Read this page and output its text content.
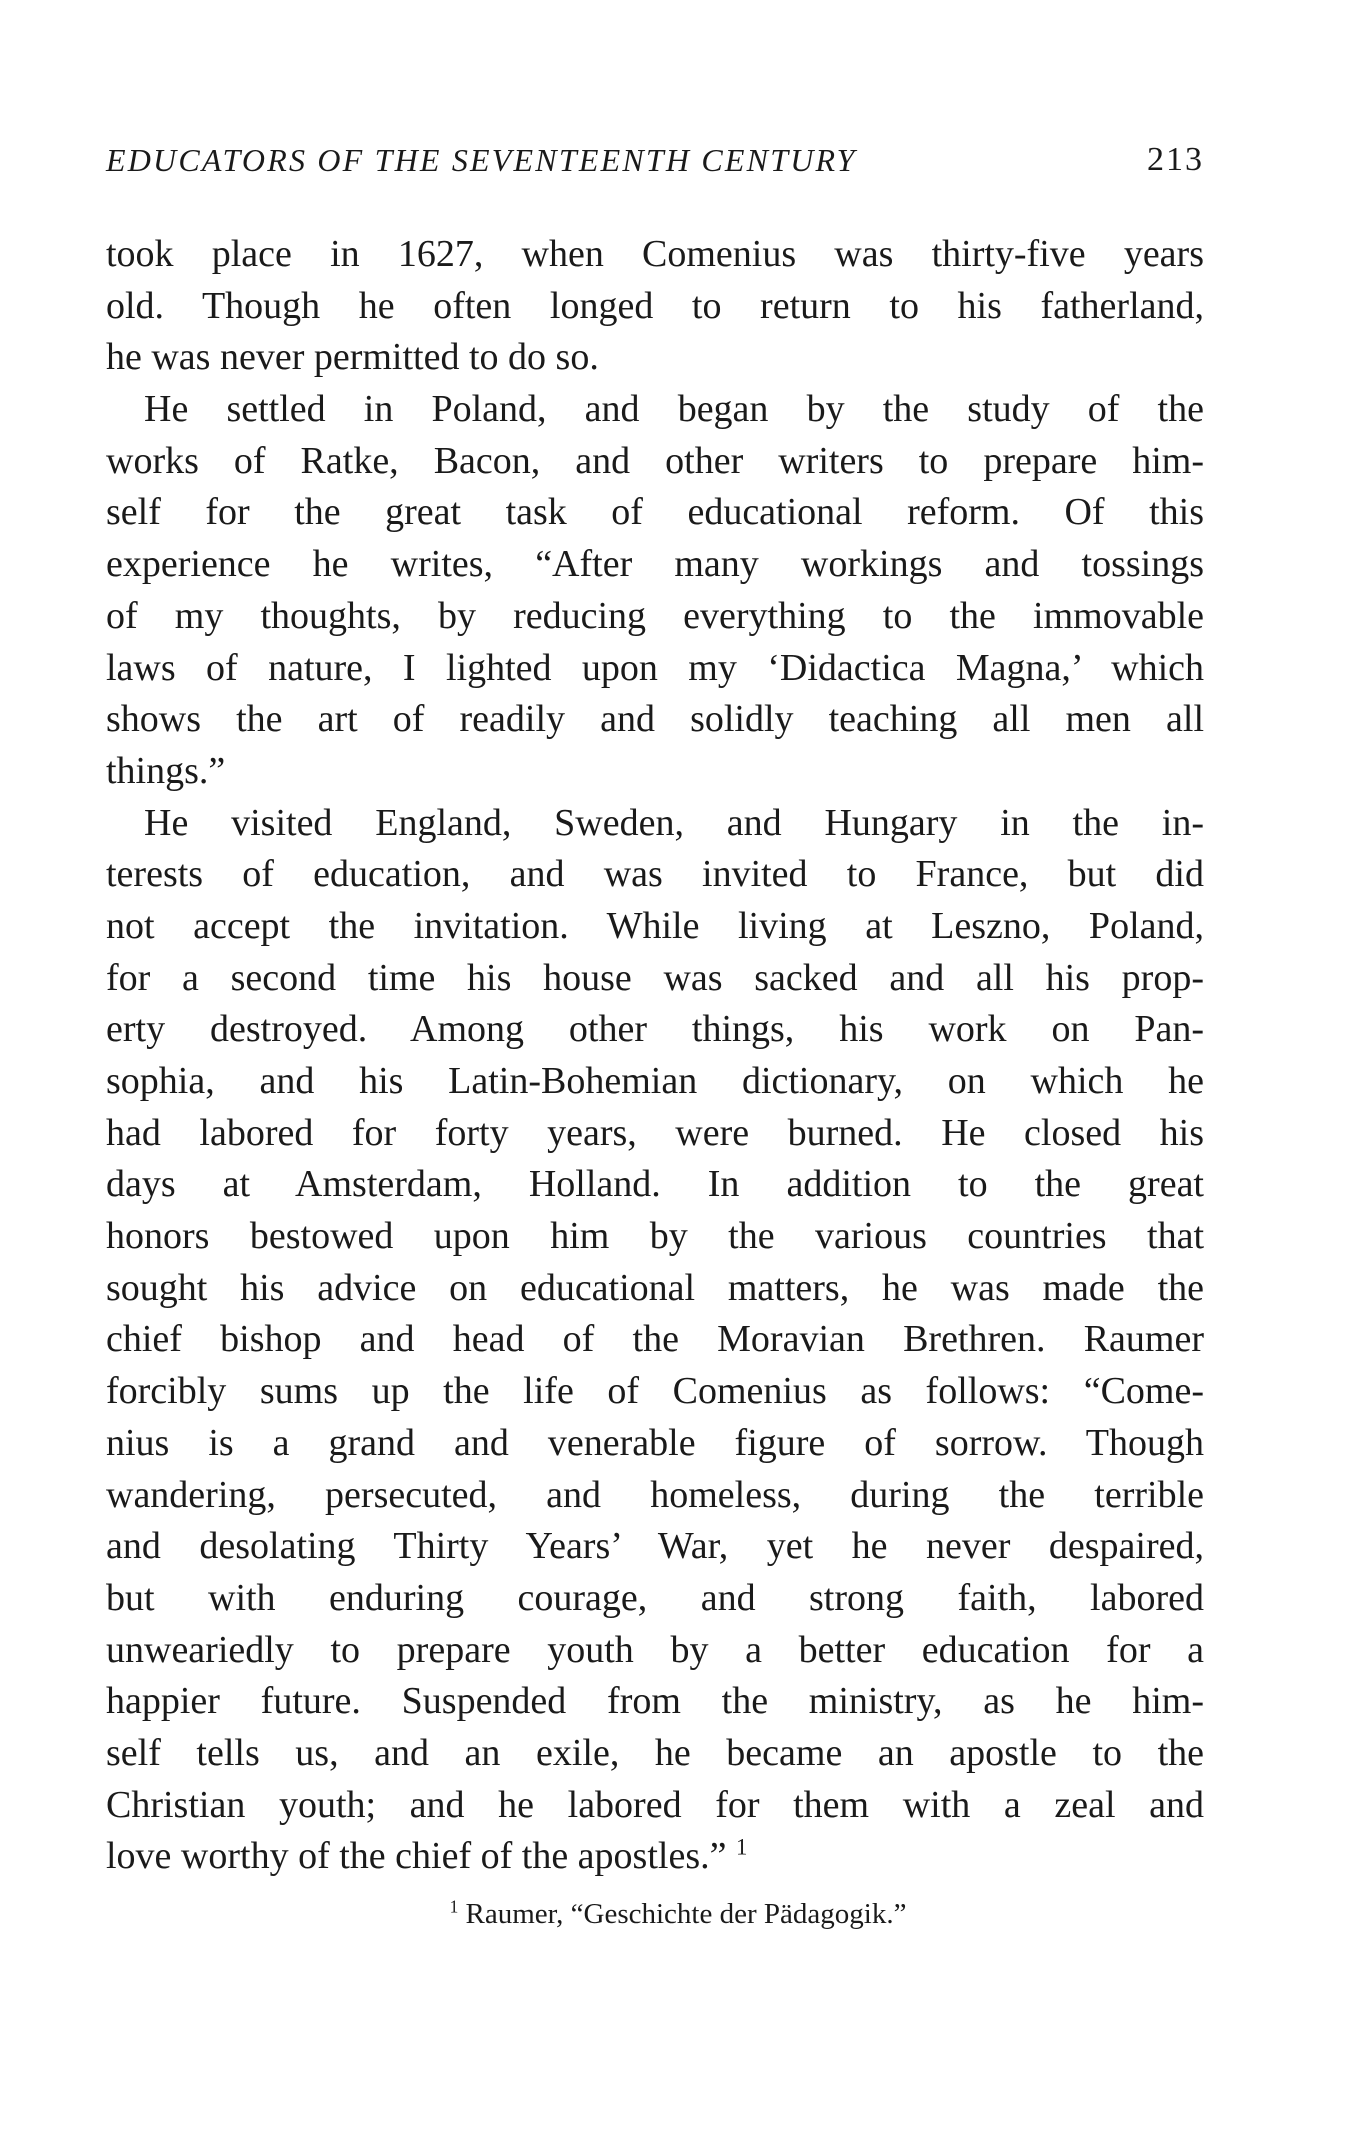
EDUCATORS OF THE SEVENTEENTH CENTURY	213
took place in 1627, when Comenius was thirty-five years
old. Though he often longed to return to his fatherland,
he was never permitted to do so.
 He settled in Poland, and began by the study of the
works of Ratke, Bacon, and other writers to prepare him-
self for the great task of educational reform. Of this
experience he writes, “After many workings and tossings
of my thoughts, by reducing everything to the immovable
laws of nature, I lighted upon my ‘Didactica Magna,’ which
shows the art of readily and solidly teaching all men all
things.”
 He visited England, Sweden, and Hungary in the in-
terests of education, and was invited to France, but did
not accept the invitation. While living at Leszno, Poland,
for a second time his house was sacked and all his prop-
erty destroyed. Among other things, his work on Pan-
sophia, and his Latin-Bohemian dictionary, on which he
had labored for forty years, were burned. He closed his
days at Amsterdam, Holland. In addition to the great
honors bestowed upon him by the various countries that
sought his advice on educational matters, he was made the
chief bishop and head of the Moravian Brethren. Raumer
forcibly sums up the life of Comenius as follows: “Come-
nius is a grand and venerable figure of sorrow. Though
wandering, persecuted, and homeless, during the terrible
and desolating Thirty Years’ War, yet he never despaired,
but with enduring courage, and strong faith, labored
unweariedly to prepare youth by a better education for a
happier future. Suspended from the ministry, as he him-
self tells us, and an exile, he became an apostle to the
Christian youth; and he labored for them with a zeal and
love worthy of the chief of the apostles.” $^1$
$^1$ Raumer, “Geschichte der Pädagogik.”
